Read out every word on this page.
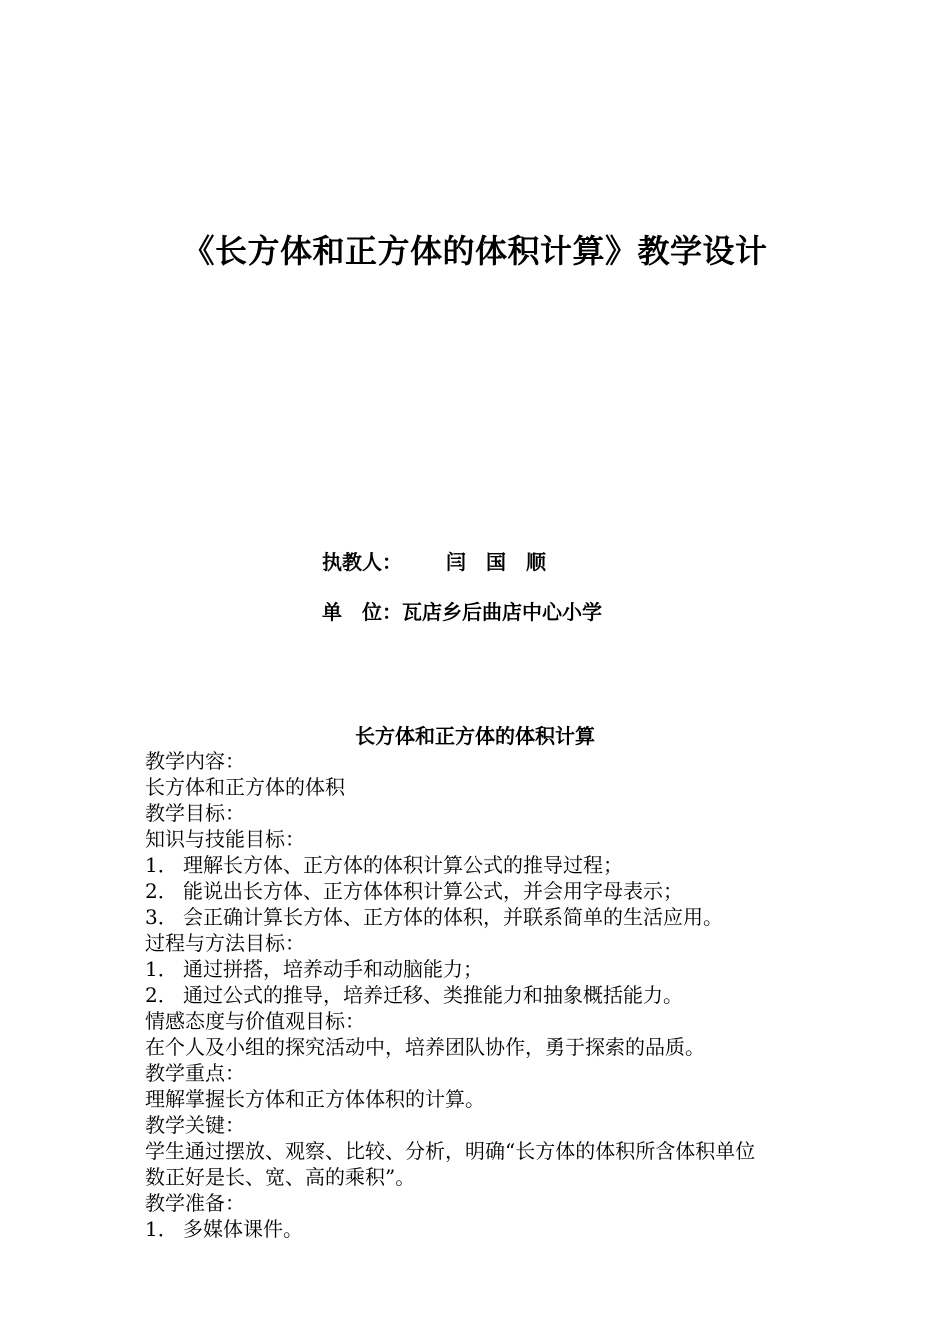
《长方体和正方体的体积计算》教学设计
执教人： 闫　国　顺
单　位：瓦店乡后曲店中心小学
长方体和正方体的体积计算
教学内容：
长方体和正方体的体积
教学目标：
知识与技能目标：
1． 理解长方体、正方体的体积计算公式的推导过程；
2． 能说出长方体、正方体体积计算公式，并会用字母表示；
3． 会正确计算长方体、正方体的体积，并联系简单的生活应用。
过程与方法目标：
1． 通过拼搭，培养动手和动脑能力；
2． 通过公式的推导，培养迁移、类推能力和抽象概括能力。
情感态度与价值观目标：
在个人及小组的探究活动中，培养团队协作，勇于探索的品质。
教学重点：
理解掌握长方体和正方体体积的计算。
教学关键：
学生通过摆放、观察、比较、分析，明确“长方体的体积所含体积单位
数正好是长、宽、高的乘积”。
教学准备：
1． 多媒体课件。
